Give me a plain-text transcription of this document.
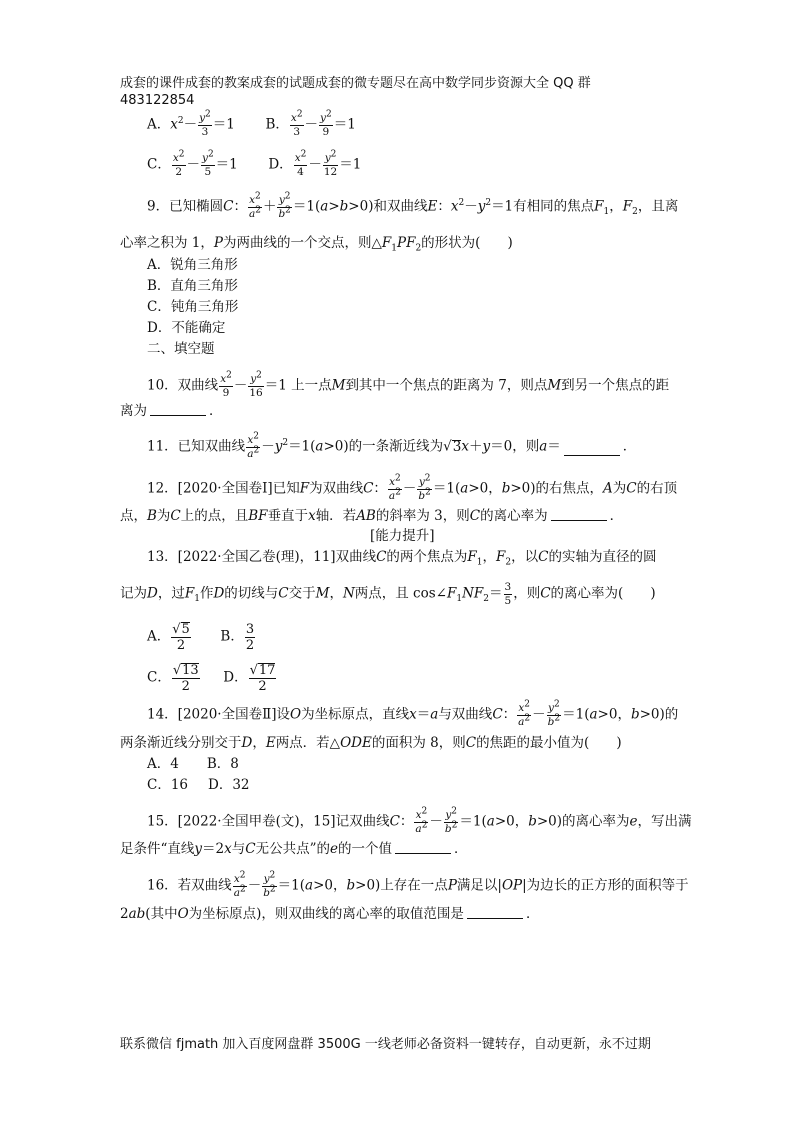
成套的课件成套的教案成套的试题成套的微专题尽在高中数学同步资源大全 QQ 群
483122854
A．$x^2- \frac{y^2}{3} =1$  B． $\frac{x^2}{3} - \frac{y^2}{9} =1$
C． $\frac{x^2}{2} - \frac{y^2}{5} =1$  D． $\frac{x^2}{4} - \frac{y^2}{12} =1$
9．已知椭圆C： $\frac{x^2}{a^2} + \frac{y^2}{b^2} =1(a>b>0)$和双曲线E：$x^2-y^2=1$有相同的焦点$F_1$，$F_2$，且离
心率之积为 1，P为两曲线的一个交点，则$\triangle F_1PF_2$的形状为(　　)
A．锐角三角形
B．直角三角形
C．钝角三角形
D．不能确定
二、填空题
10．双曲线 $\frac{x^2}{9} - \frac{y^2}{16} =1$ 上一点M到其中一个焦点的距离为 7，则点M到另一个焦点的距
离为	．
11．已知双曲线 $\frac{x^2}{a^2} -y^2=1(a>0)$的一条渐近线为√3x＋y＝0，则a＝	．
12．[2020·全国卷Ⅰ]已知F为双曲线C： $\frac{x^2}{a^2} - \frac{y^2}{b^2} =1(a>0$，b>0)的右焦点，A为C的右顶
点，B为C上的点，且BF垂直于x轴．若AB的斜率为 3，则C的离心率为	．
[能力提升]
13．[2022·全国乙卷(理)，11]双曲线C的两个焦点为$F_1$，$F_2$，以C的实轴为直径的圆
记为D，过$F_1$作D的切线与C交于M，N两点，且 $\cos\angle F_1NF_2= \frac{3}{5}$ ，则C的离心率为(　　)
A． $\frac{√5}{2}$ B． $\frac{3}{2}$
C． $\frac{√13}{2}$ D． $\frac{√17}{2}$
14．[2020·全国卷Ⅱ]设O为坐标原点，直线x＝a与双曲线C： $\frac{x^2}{a^2} - \frac{y^2}{b^2} =1(a>0$，b>0)的
两条渐近线分别交于D，E两点．若△ODE的面积为 8，则C的焦距的最小值为(　　)
A．4 B．8
C．16 D．32
15．[2022·全国甲卷(文)，15]记双曲线C： $\frac{x^2}{a^2} - \frac{y^2}{b^2} =1(a>0$，b>0)的离心率为e，写出满
足条件“直线y＝2x与C无公共点”的e的一个值	．
16．若双曲线 $\frac{x^2}{a^2} - \frac{y^2}{b^2} =1(a>0$，b>0)上存在一点P满足以|OP|为边长的正方形的面积等于
2ab(其中O为坐标原点)，则双曲线的离心率的取值范围是	．
联系微信 fjmath 加入百度网盘群 3500G 一线老师必备资料一键转存，自动更新，永不过期
